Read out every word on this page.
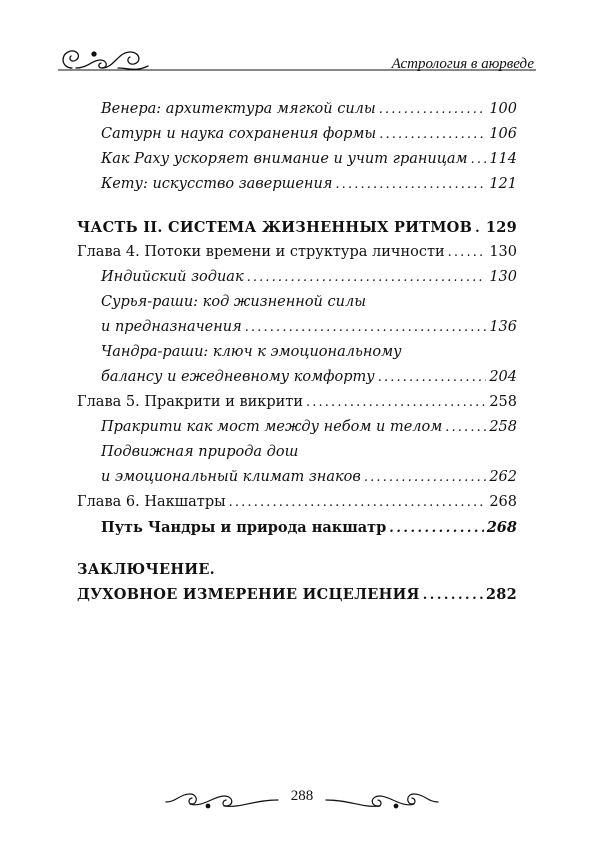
Астрология в аюрведе
Венера: архитектура мягкой силы . . .	100
Сатурн и наука сохранения формы . . .	106
Как Раху ускоряет внимание и учит границам . . . 114
Кету: искусство завершения . . .	121
ЧАСТЬ II. СИСТЕМА ЖИЗНЕННЫХ РИТМОВ . . . 129
Глава 4. Потоки времени и структура личности . . .	130
Индийский зодиак . . .	130
Сурья-раши: код жизненной силы
и предназначения . . .	136
Чандра-раши: ключ к эмоциональному
балансу и ежедневному комфорту . . .	204
Глава 5. Пракрити и викрити . . .	258
Пракрити как мост между небом и телом . . .	258
Подвижная природа дош
и эмоциональный климат знаков . . .	262
Глава 6. Накшатры . . .	268
Путь Чандры и природа накшатр . . .	268
ЗАКЛЮЧЕНИЕ.
ДУХОВНОЕ ИЗМЕРЕНИЕ ИСЦЕЛЕНИЯ . . .	282
288
